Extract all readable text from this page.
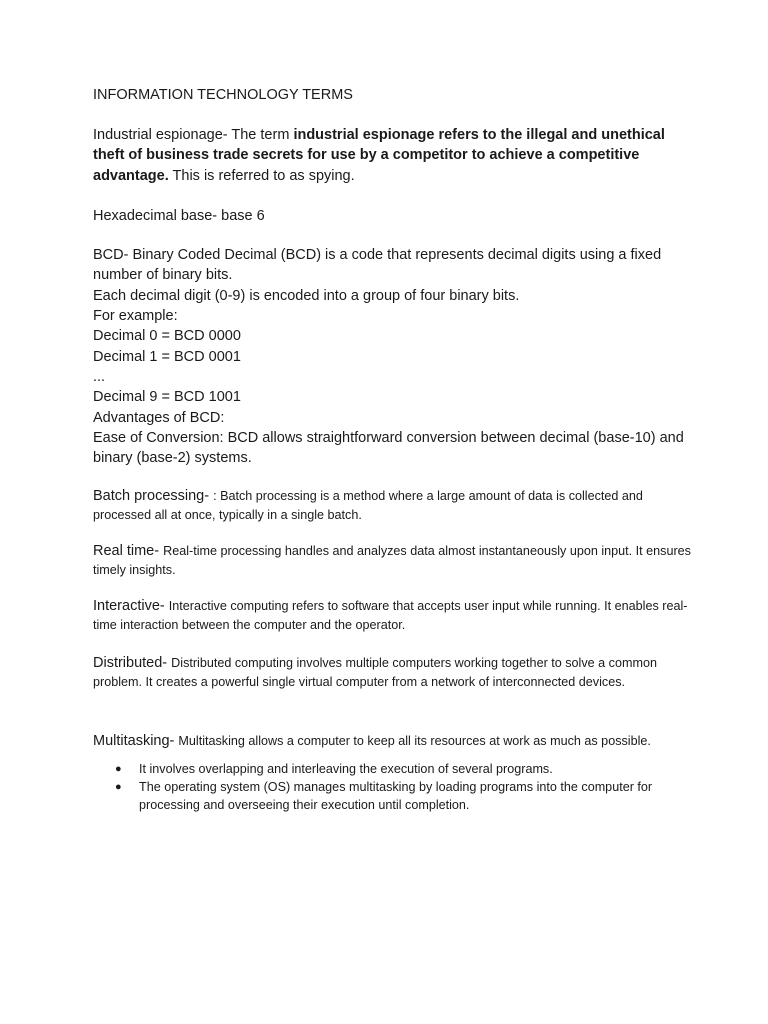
INFORMATION TECHNOLOGY TERMS

Industrial espionage- The term industrial espionage refers to the illegal and unethical theft of business trade secrets for use by a competitor to achieve a competitive advantage. This is referred to as spying.

Hexadecimal base- base 6

BCD- Binary Coded Decimal (BCD) is a code that represents decimal digits using a fixed number of binary bits.

Each decimal digit (0-9) is encoded into a group of four binary bits.

For example:

Decimal 0 = BCD 0000

Decimal 1 = BCD 0001

...

Decimal 9 = BCD 1001

Advantages of BCD:

Ease of Conversion: BCD allows straightforward conversion between decimal (base-10) and binary (base-2) systems.

Batch processing- : Batch processing is a method where a large amount of data is collected and processed all at once, typically in a single batch.

Real time- Real-time processing handles and analyzes data almost instantaneously upon input. It ensures timely insights.

Interactive- Interactive computing refers to software that accepts user input while running. It enables real-time interaction between the computer and the operator.

Distributed- Distributed computing involves multiple computers working together to solve a common problem. It creates a powerful single virtual computer from a network of interconnected devices.

Multitasking- Multitasking allows a computer to keep all its resources at work as much as possible.

● It involves overlapping and interleaving the execution of several programs.
● The operating system (OS) manages multitasking by loading programs into the computer for processing and overseeing their execution until completion.
